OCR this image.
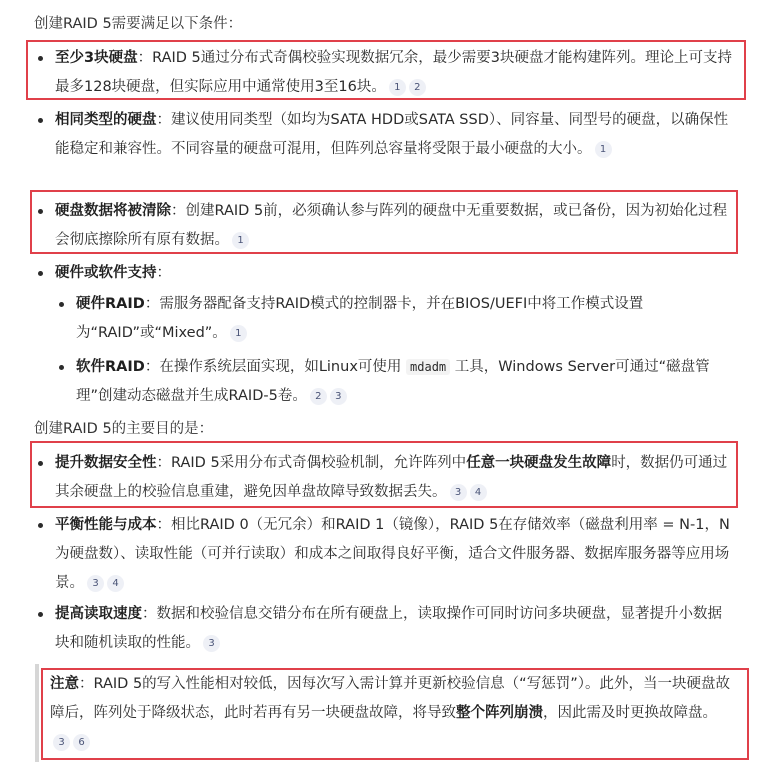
创建RAID 5需要满足以下条件：

至少3块硬盘：RAID 5通过分布式奇偶校验实现数据冗余，最少需要3块硬盘才能构建阵列。理论上可支持最多128块硬盘，但实际应用中通常使用3至16块。 1 2
相同类型的硬盘：建议使用同类型（如均为SATA HDD或SATA SSD）、同容量、同型号的硬盘，以确保性能稳定和兼容性。不同容量的硬盘可混用，但阵列总容量将受限于最小硬盘的大小。 1
硬盘数据将被清除：创建RAID 5前，必须确认参与阵列的硬盘中无重要数据，或已备份，因为初始化过程会彻底擦除所有原有数据。 1
硬件或软件支持：
硬件RAID：需服务器配备支持RAID模式的控制器卡，并在BIOS/UEFI中将工作模式设置为“RAID”或“Mixed”。 1
软件RAID：在操作系统层面实现，如Linux可使用 mdadm 工具，Windows Server可通过“磁盘管理”创建动态磁盘并生成RAID-5卷。 2 3

创建RAID 5的主要目的是：

提升数据安全性：RAID 5采用分布式奇偶校验机制，允许阵列中任意一块硬盘发生故障时，数据仍可通过其余硬盘上的校验信息重建，避免因单盘故障导致数据丢失。 3 4
平衡性能与成本：相比RAID 0（无冗余）和RAID 1（镜像），RAID 5在存储效率（磁盘利用率 = N-1，N为硬盘数）、读取性能（可并行读取）和成本之间取得良好平衡，适合文件服务器、数据库服务器等应用场景。 3 4
提高读取速度：数据和校验信息交错分布在所有硬盘上，读取操作可同时访问多块硬盘，显著提升小数据块和随机读取的性能。 3
注意：RAID 5的写入性能相对较低，因每次写入需计算并更新校验信息（“写惩罚”）。此外，当一块硬盘故障后，阵列处于降级状态，此时若再有另一块硬盘故障，将导致整个阵列崩溃，因此需及时更换故障盘。3 6
